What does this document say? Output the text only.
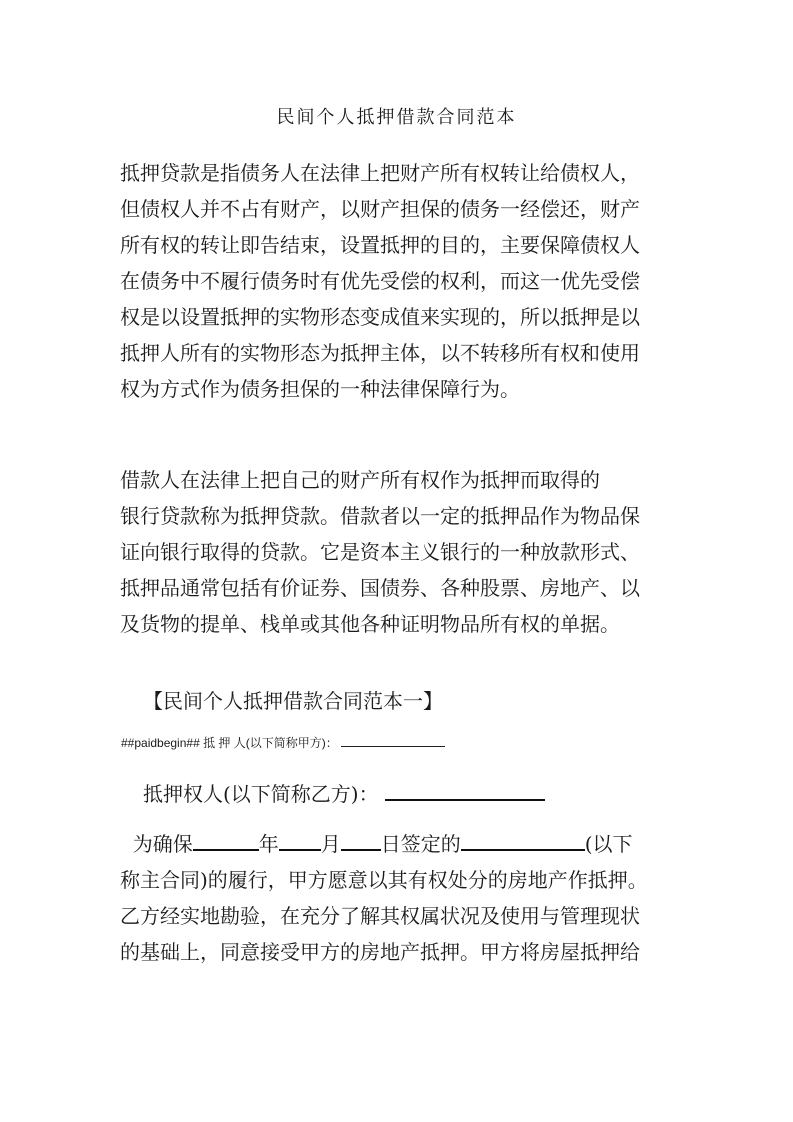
民间个人抵押借款合同范本
抵押贷款是指债务人在法律上把财产所有权转让给债权人，
但债权人并不占有财产，以财产担保的债务一经偿还，财产
所有权的转让即告结束，设置抵押的目的，主要保障债权人
在债务中不履行债务时有优先受偿的权利，而这一优先受偿
权是以设置抵押的实物形态变成值来实现的，所以抵押是以
抵押人所有的实物形态为抵押主体，以不转移所有权和使用
权为方式作为债务担保的一种法律保障行为。
借款人在法律上把自己的财产所有权作为抵押而取得的
银行贷款称为抵押贷款。借款者以一定的抵押品作为物品保
证向银行取得的贷款。它是资本主义银行的一种放款形式、
抵押品通常包括有价证券、国债券、各种股票、房地产、以
及货物的提单、栈单或其他各种证明物品所有权的单据。
【民间个人抵押借款合同范本一】
##paidbegin## 抵 押 人(以下简称甲方)：
抵押权人(以下简称乙方)：
为确保	年 月 日签定的	(以下
称主合同)的履行，甲方愿意以其有权处分的房地产作抵押。
乙方经实地勘验，在充分了解其权属状况及使用与管理现状
的基础上，同意接受甲方的房地产抵押。甲方将房屋抵押给
